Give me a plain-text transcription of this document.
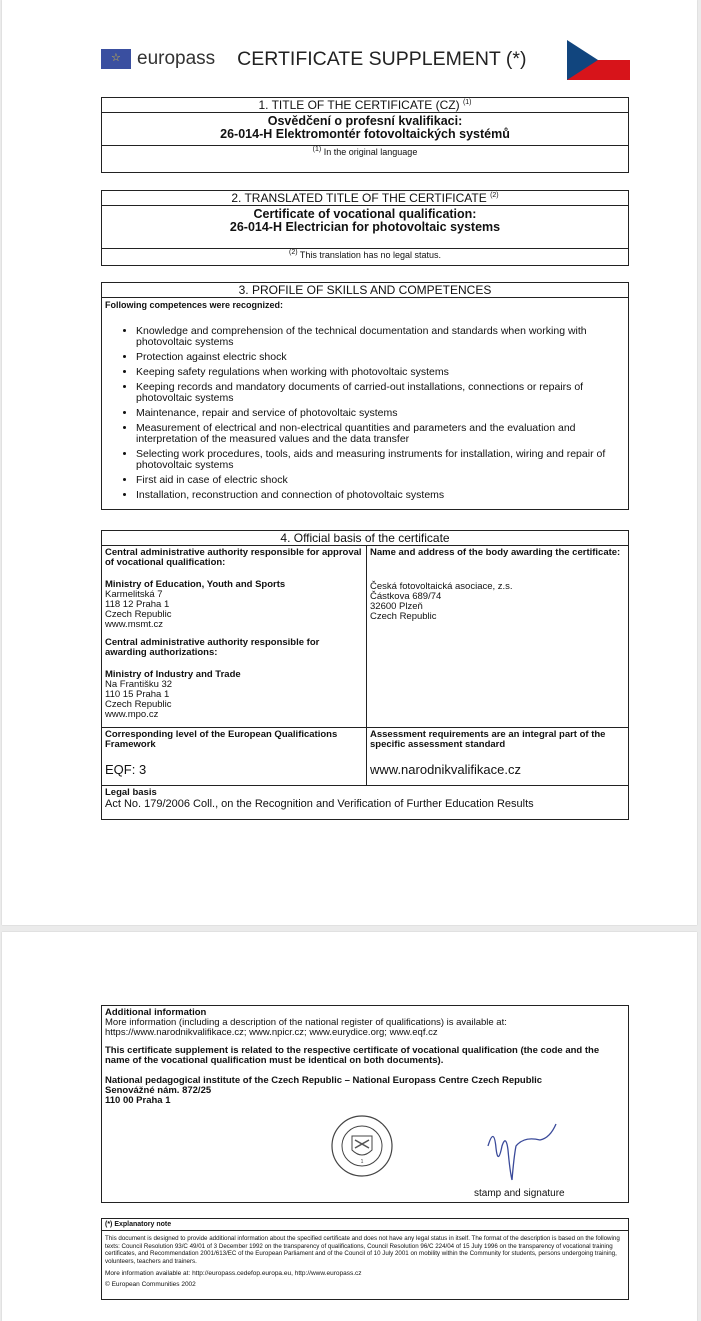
☆
europass CERTIFICATE SUPPLEMENT (*)
1. TITLE OF THE CERTIFICATE (CZ) $^{(1)}$
Osvědčení o profesní kvalifikaci:
26-014-H Elektromontér fotovoltaických systémů
$^{(1)}$ In the original language
2. TRANSLATED TITLE OF THE CERTIFICATE $^{(2)}$
Certificate of vocational qualification:
26-014-H Electrician for photovoltaic systems
$^{(2)}$ This translation has no legal status.
3. PROFILE OF SKILLS AND COMPETENCES
Following competences were recognized:
• Knowledge and comprehension of the technical documentation and standards when working with photovoltaic systems
• Protection against electric shock
• Keeping safety regulations when working with photovoltaic systems
• Keeping records and mandatory documents of carried-out installations, connections or repairs of photovoltaic systems
• Maintenance, repair and service of photovoltaic systems
• Measurement of electrical and non-electrical quantities and parameters and the evaluation and interpretation of the measured values and the data transfer
• Selecting work procedures, tools, aids and measuring instruments for installation, wiring and repair of photovoltaic systems
• First aid in case of electric shock
• Installation, reconstruction and connection of photovoltaic systems
4. Official basis of the certificate
Central administrative authority responsible for approval of vocational qualification:
Ministry of Education, Youth and Sports
Karmelitská 7
118 12 Praha 1
Czech Republic
www.msmt.cz
Central administrative authority responsible for awarding authorizations:
Ministry of Industry and Trade
Na Františku 32
110 15 Praha 1
Czech Republic
www.mpo.cz
Name and address of the body awarding the certificate:
Česká fotovoltaická asociace, z.s.
Částkova 689/74
32600 Plzeň
Czech Republic
Corresponding level of the European Qualifications Framework
EQF: 3
Assessment requirements are an integral part of the specific assessment standard
www.narodnikvalifikace.cz
Legal basis
Act No. 179/2006 Coll., on the Recognition and Verification of Further Education Results
Additional information
More information (including a description of the national register of qualifications) is available at:
https://www.narodnikvalifikace.cz; www.npicr.cz; www.eurydice.org; www.eqf.cz
This certificate supplement is related to the respective certificate of vocational qualification (the code and the name of the vocational qualification must be identical on both documents).
National pedagogical institute of the Czech Republic – National Europass Centre Czech Republic
Senovážné nám. 872/25
110 00 Praha 1
1
stamp and signature
(*) Explanatory note
This document is designed to provide additional information about the specified certificate and does not have any legal status in itself. The format of the description is based on the following texts: Council Resolution 93/C 49/01 of 3 December 1992 on the transparency of qualifications, Council Resolution 96/C 224/04 of 15 July 1996 on the transparency of vocational training certificates, and Recommendation 2001/613/EC of the European Parliament and of the Council of 10 July 2001 on mobility within the Community for students, persons undergoing training, volunteers, teachers and trainers.
More information available at: http://europass.cedefop.europa.eu, http://www.europass.cz
© European Communities 2002
